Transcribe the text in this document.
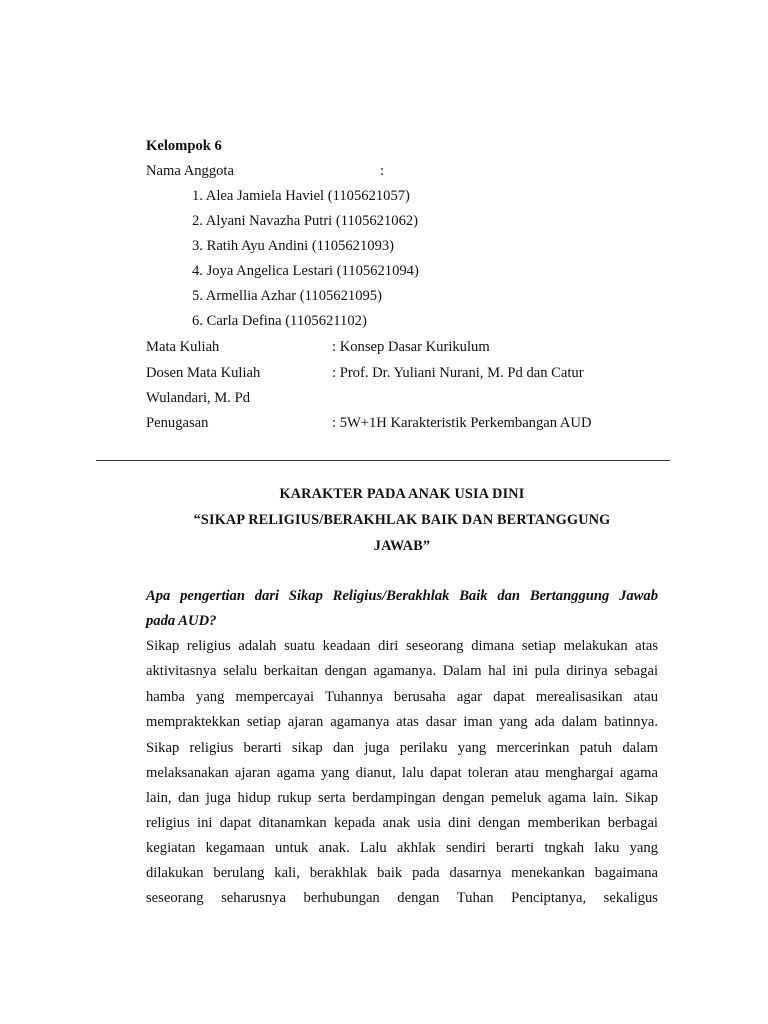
Kelompok 6
Nama Anggota	:
1. Alea Jamiela Haviel (1105621057)
2. Alyani Navazha Putri (1105621062)
3. Ratih Ayu Andini (1105621093)
4. Joya Angelica Lestari (1105621094)
5. Armellia Azhar (1105621095)
6. Carla Defina (1105621102)
Mata Kuliah	: Konsep Dasar Kurikulum
Dosen Mata Kuliah	: Prof. Dr. Yuliani Nurani, M. Pd dan Catur
Wulandari, M. Pd
Penugasan	: 5W+1H Karakteristik Perkembangan AUD
KARAKTER PADA ANAK USIA DINI
“SIKAP RELIGIUS/BERAKHLAK BAIK DAN BERTANGGUNG
JAWAB”
Apa pengertian dari Sikap Religius/Berakhlak Baik dan Bertanggung Jawab
pada AUD?
Sikap religius adalah suatu keadaan diri seseorang dimana setiap melakukan atas
aktivitasnya selalu berkaitan dengan agamanya. Dalam hal ini pula dirinya sebagai
hamba yang mempercayai Tuhannya berusaha agar dapat merealisasikan atau
mempraktekkan setiap ajaran agamanya atas dasar iman yang ada dalam batinnya.
Sikap religius berarti sikap dan juga perilaku yang mercerinkan patuh dalam
melaksanakan ajaran agama yang dianut, lalu dapat toleran atau menghargai agama
lain, dan juga hidup rukup serta berdampingan dengan pemeluk agama lain. Sikap
religius ini dapat ditanamkan kepada anak usia dini dengan memberikan berbagai
kegiatan kegamaan untuk anak. Lalu akhlak sendiri berarti tngkah laku yang
dilakukan berulang kali, berakhlak baik pada dasarnya menekankan bagaimana
seseorang seharusnya berhubungan dengan Tuhan Penciptanya, sekaligus
